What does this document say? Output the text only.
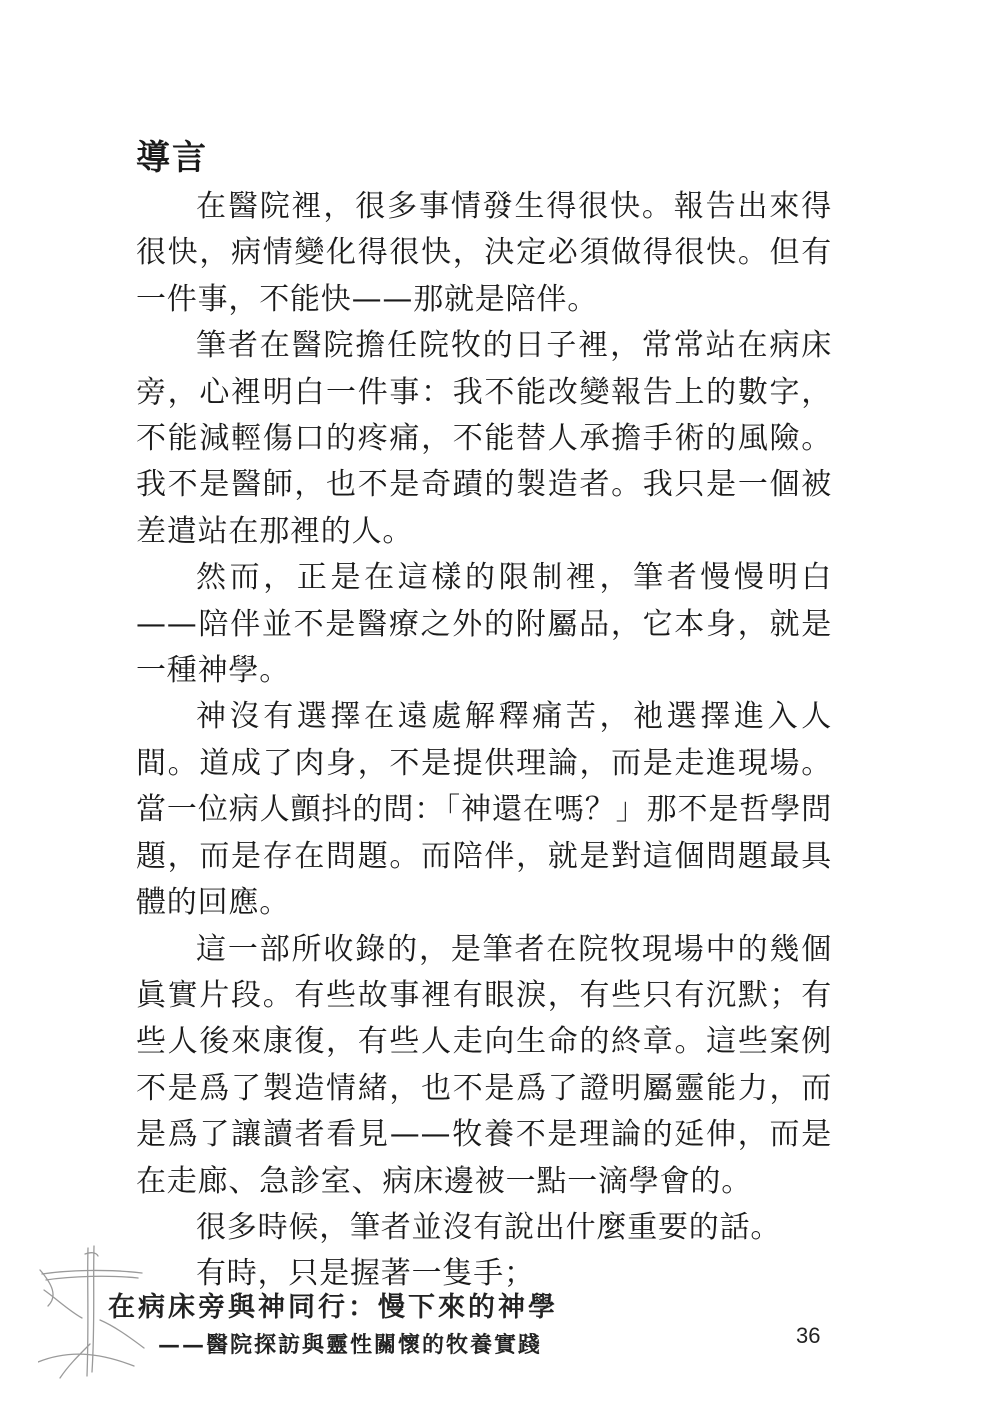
導言

在醫院裡，很多事情發生得很快。報告出來得很快，病情變化得很快，決定必須做得很快。但有一件事，不能快——那就是陪伴。

筆者在醫院擔任院牧的日子裡，常常站在病床旁，心裡明白一件事：我不能改變報告上的數字，不能減輕傷口的疼痛，不能替人承擔手術的風險。我不是醫師，也不是奇蹟的製造者。我只是一個被差遣站在那裡的人。

然而，正是在這樣的限制裡，筆者慢慢明白——陪伴並不是醫療之外的附屬品，它本身，就是一種神學。

神沒有選擇在遠處解釋痛苦，祂選擇進入人間。道成了肉身，不是提供理論，而是走進現場。當一位病人顫抖的問：「神還在嗎？」那不是哲學問題，而是存在問題。而陪伴，就是對這個問題最具體的回應。

這一部所收錄的，是筆者在院牧現場中的幾個眞實片段。有些故事裡有眼淚，有些只有沉默；有些人後來康復，有些人走向生命的終章。這些案例不是爲了製造情緒，也不是爲了證明屬靈能力，而是爲了讓讀者看見——牧養不是理論的延伸，而是在走廊、急診室、病床邊被一點一滴學會的。

很多時候，筆者並沒有說出什麼重要的話。

有時，只是握著一隻手；

在病床旁與神同行：慢下來的神學
——醫院探訪與靈性關懷的牧養實踐	36
